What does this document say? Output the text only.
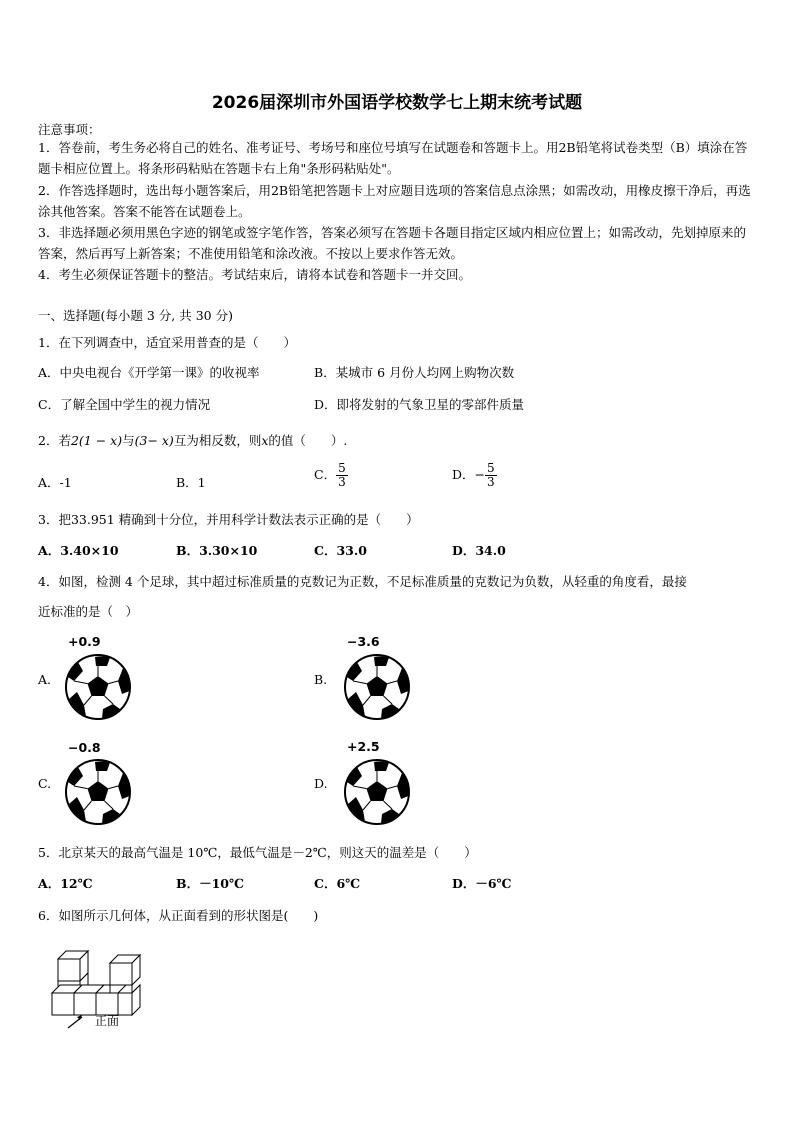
2026届深圳市外国语学校数学七上期末统考试题
注意事项：
1．答卷前，考生务必将自己的姓名、准考证号、考场号和座位号填写在试题卷和答题卡上。用2B铅笔将试卷类型（B）填涂在答题卡相应位置上。将条形码粘贴在答题卡右上角"条形码粘贴处"。
2．作答选择题时，选出每小题答案后，用2B铅笔把答题卡上对应题目选项的答案信息点涂黑；如需改动，用橡皮擦干净后，再选涂其他答案。答案不能答在试题卷上。
3．非选择题必须用黑色字迹的钢笔或签字笔作答，答案必须写在答题卡各题目指定区域内相应位置上；如需改动，先划掉原来的答案，然后再写上新答案；不准使用铅笔和涂改液。不按以上要求作答无效。
4．考生必须保证答题卡的整洁。考试结束后，请将本试卷和答题卡一并交回。
一、选择题(每小题 3 分, 共 30 分)
1．在下列调查中，适宜采用普查的是（　　）
A．中央电视台《开学第一课》的收视率	B．某城市 6 月份人均网上购物次数
C．了解全国中学生的视力情况	D．即将发射的气象卫星的零部件质量
2．若2(1 − x)与(3− x)互为相反数，则x的值（　　）.
A．-1	B．1
C． $\frac{5}{3}$	D．− $\frac{5}{3}$
3．把33.951 精确到十分位，并用科学计数法表示正确的是（　　）
A．3.40×10	B．3.30×10	C．33.0	D．34.0
4．如图，检测 4 个足球，其中超过标准质量的克数记为正数，不足标准质量的克数记为负数，从轻重的角度看，最接
近标准的是（　）
+0.9
A.
−3.6
B.
−0.8
C.
+2.5
D.
5．北京某天的最高气温是 10℃，最低气温是－2℃，则这天的温差是（　　）
A．12℃	B．－10℃	C．6℃	D．－6℃
6．如图所示几何体，从正面看到的形状图是(　　)
正面
